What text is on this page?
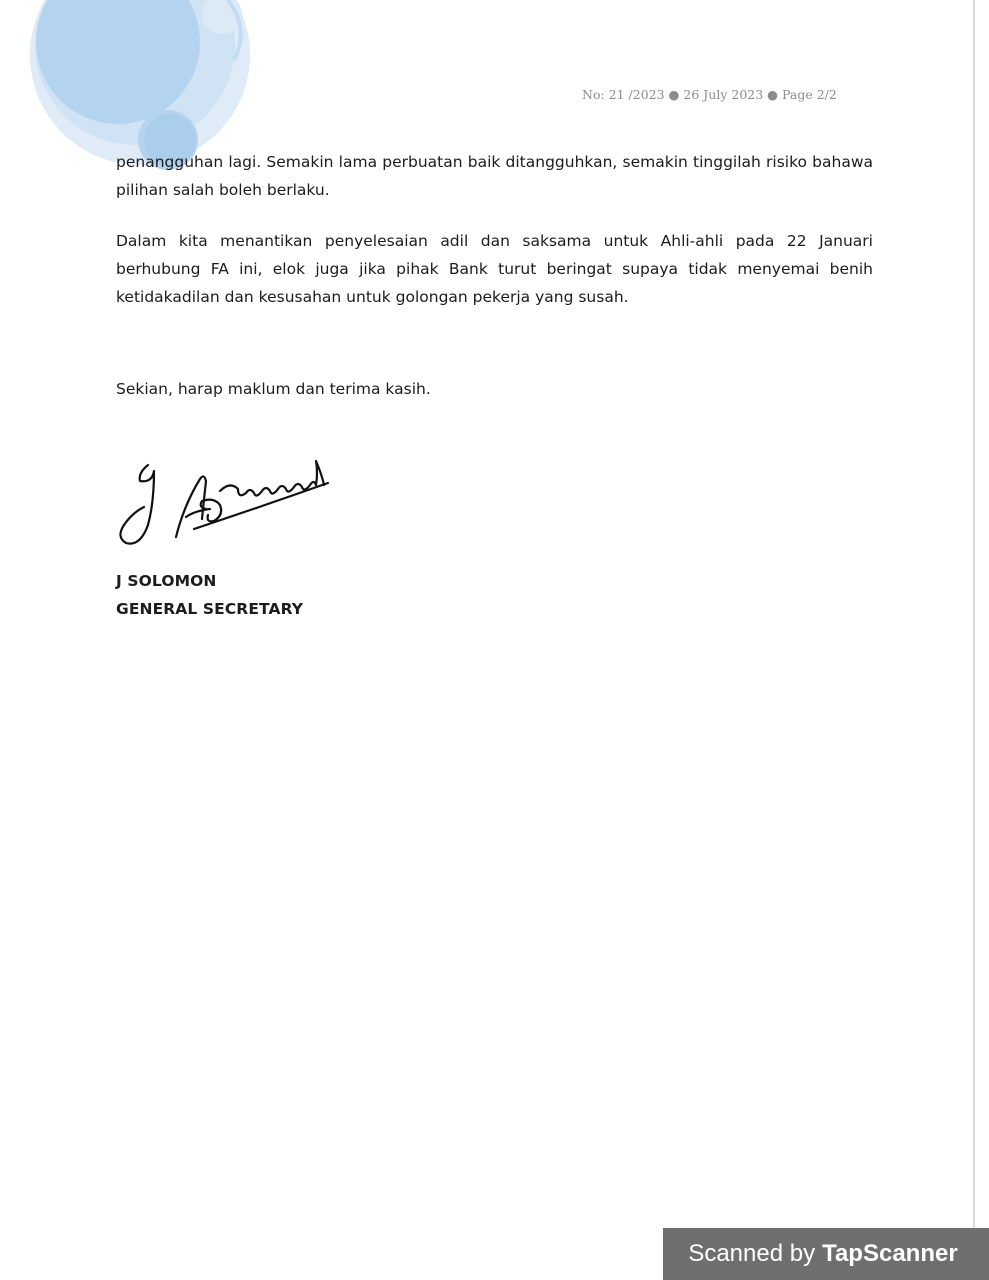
No: 21 /2023 ● 26 July 2023 ● Page 2/2
penangguhan lagi. Semakin lama perbuatan baik ditangguhkan, semakin tinggilah risiko bahawa pilihan salah boleh berlaku.
Dalam kita menantikan penyelesaian adil dan saksama untuk Ahli-ahli pada 22 Januari berhubung FA ini, elok juga jika pihak Bank turut beringat supaya tidak menyemai benih ketidakadilan dan kesusahan untuk golongan pekerja yang susah.
Sekian, harap maklum dan terima kasih.
J SOLOMON
GENERAL SECRETARY
Scanned by TapScanner
